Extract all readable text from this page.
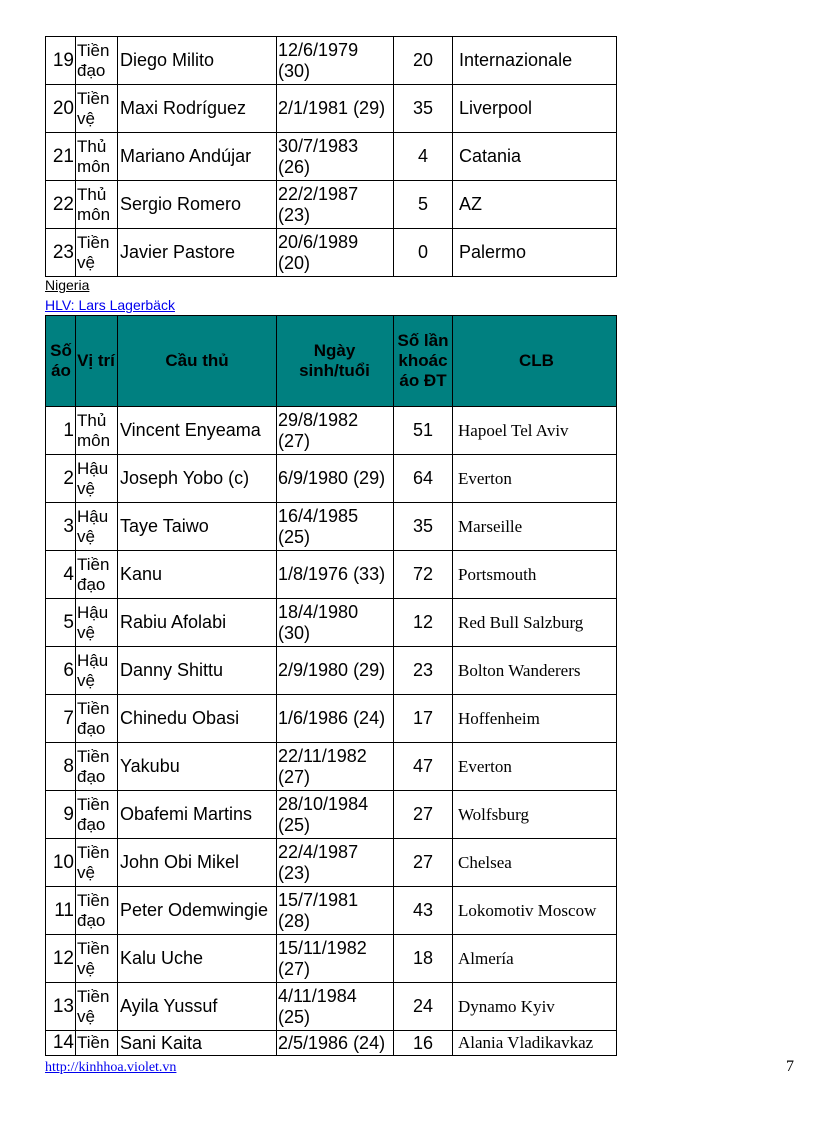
19	Tiền đạo	Diego Milito	12/6/1979 (30)	20	Internazionale
20	Tiền vệ	Maxi Rodríguez	2/1/1981 (29)	35	Liverpool
21	Thủ môn	Mariano Andújar	30/7/1983 (26)	4	Catania
22	Thủ môn	Sergio Romero	22/2/1987 (23)	5	AZ
23	Tiền vệ	Javier Pastore	20/6/1989 (20)	0	Palermo
Nigeria
HLV: Lars Lagerbäck
Số áo	Vị trí	Cầu thủ	Ngày sinh/tuổi	Số lần khoác áo ĐT	CLB
1	Thủ môn	Vincent Enyeama	29/8/1982 (27)	51	Hapoel Tel Aviv
2	Hậu vệ	Joseph Yobo (c)	6/9/1980 (29)	64	Everton
3	Hậu vệ	Taye Taiwo	16/4/1985 (25)	35	Marseille
4	Tiền đạo	Kanu	1/8/1976 (33)	72	Portsmouth
5	Hậu vệ	Rabiu Afolabi	18/4/1980 (30)	12	Red Bull Salzburg
6	Hậu vệ	Danny Shittu	2/9/1980 (29)	23	Bolton Wanderers
7	Tiền đạo	Chinedu Obasi	1/6/1986 (24)	17	Hoffenheim
8	Tiền đạo	Yakubu	22/11/1982 (27)	47	Everton
9	Tiền đạo	Obafemi Martins	28/10/1984 (25)	27	Wolfsburg
10	Tiền vệ	John Obi Mikel	22/4/1987 (23)	27	Chelsea
11	Tiền đạo	Peter Odemwingie	15/7/1981 (28)	43	Lokomotiv Moscow
12	Tiền vệ	Kalu Uche	15/11/1982 (27)	18	Almería
13	Tiền vệ	Ayila Yussuf	4/11/1984 (25)	24	Dynamo Kyiv
14	Tiền	Sani Kaita	2/5/1986 (24)	16	Alania Vladikavkaz
http://kinhhoa.violet.vn	7
